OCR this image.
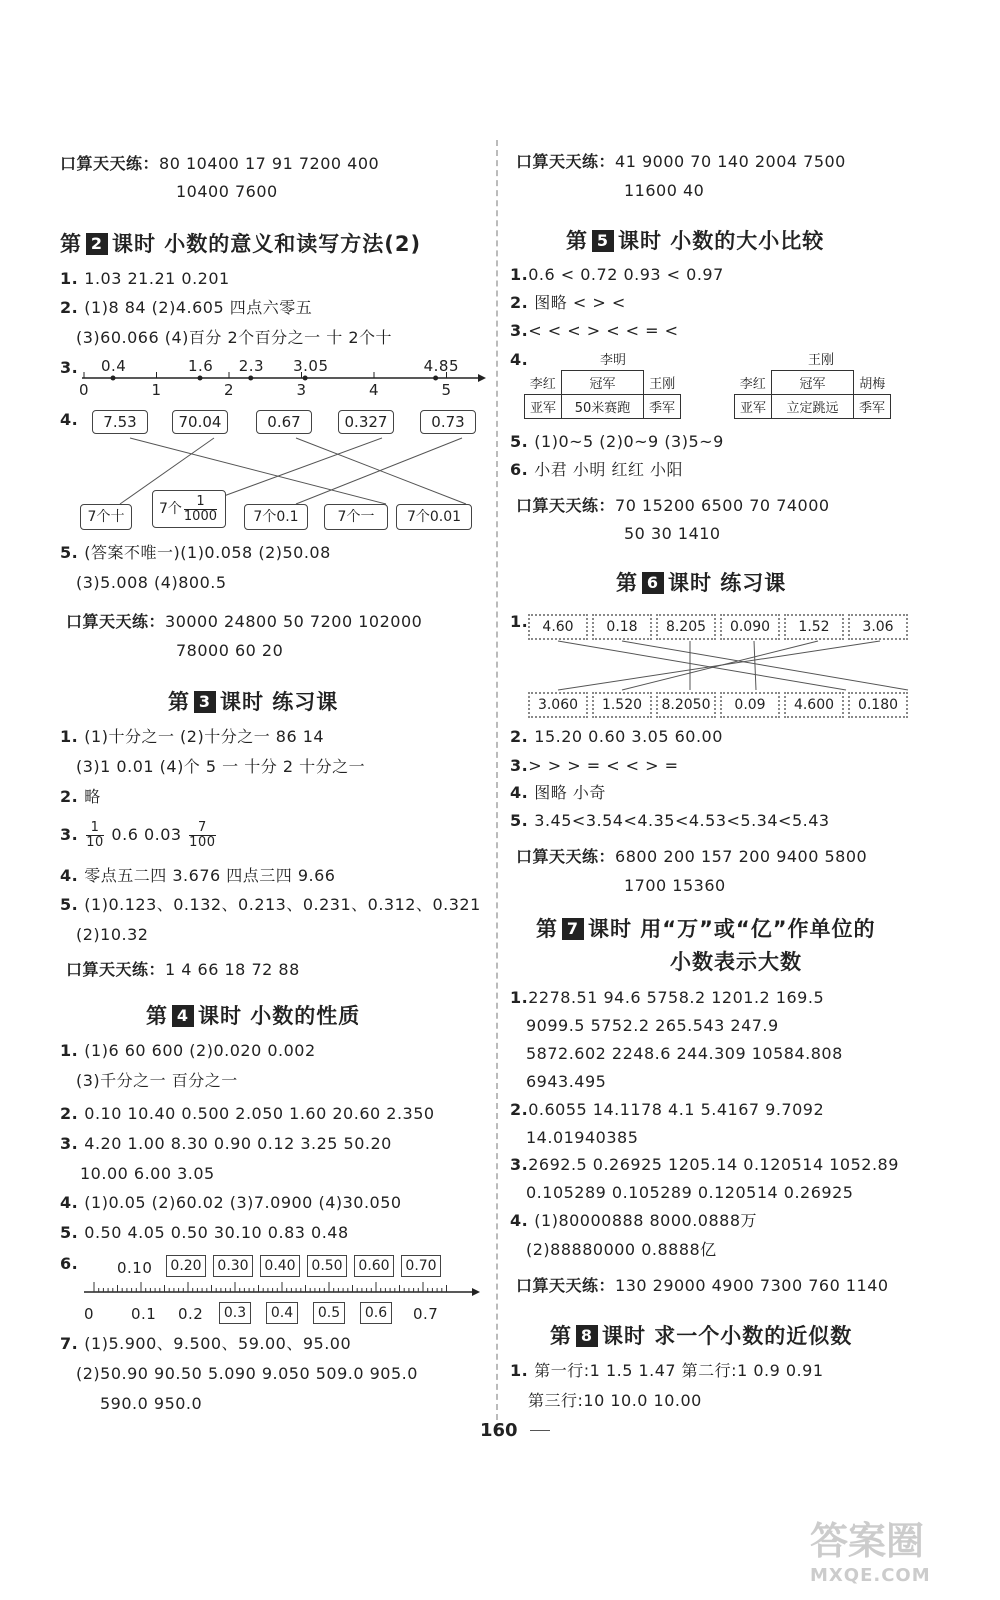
口算天天练：80 10400 17 91 7200 400
10400 7600
第 2 课时 小数的意义和读写方法(2)
1. 1.03 21.21 0.201
2. (1)8 84 (2)4.605 四点六零五
(3)60.066 (4)百分 2个百分之一 十 2个十
3.
0	1	2	3	4	5
0.4	1.6 2.3 3.05	4.85
4.	7.53	70.04	0.67	0.327	0.73
7个十	7个 $\frac{1}{1000}$	7个0.1	7个一	7个0.01
5. (答案不唯一)(1)0.058 (2)50.08
(3)5.008 (4)800.5
口算天天练：30000 24800 50 7200 102000
78000 60 20
第 3 课时 练习课
1. (1)十分之一 (2)十分之一 86 14
(3)1 0.01 (4)个 5 一 十分 2 十分之一
2. 略
3. $\frac{1}{10} 0.6$ $0.03 \frac{7}{100}$
4. 零点五二四 3.676 四点三四 9.66
5. (1)0.123、0.132、0.213、0.231、0.312、0.321
(2)10.32
口算天天练：1 4 66 18 72 88
第 4 课时 小数的性质
1. (1)6 60 600 (2)0.020 0.002
(3)千分之一 百分之一
2. 0.10 10.40 0.500 2.050 1.60 20.60 2.350
3. 4.20 1.00 8.30 0.90 0.12 3.25 50.20
10.00 6.00 3.05
4. (1)0.05 (2)60.02 (3)7.0900 (4)30.050
5. 0.50 4.05 0.50 30.10 0.83 0.48
6.	0.10	0.20	0.30	0.40	0.50	0.60	0.70
0 0.1 0.2	0.3	0.4	0.5	0.6	0.7
7. (1)5.900、9.500、59.00、95.00
(2)50.90 90.50 5.090 9.050 509.0 905.0
590.0 950.0
口算天天练：41 9000 70 140 2004 7500
11600 40
第 5 课时 小数的大小比较
1.0.6 < 0.72 0.93 < 0.97
2. 图略 < > <
3.< < < > < < = <
4.	李明
李红	冠军	王刚
亚军	50米赛跑	季军
王刚
李红	冠军	胡梅
亚军	立定跳远	季军
5. (1)0~5 (2)0~9 (3)5~9
6. 小君 小明 红红 小阳
口算天天练：70 15200 6500 70 74000
50 30 1410
第 6 课时 练习课
1.	4.60	0.18	8.205	0.090	1.52	3.06
3.060	1.520	8.2050	0.09	4.600	0.180
2. 15.20 0.60 3.05 60.00
3.> > > = < < > =
4. 图略 小奇
5. 3.45<3.54<4.35<4.53<5.34<5.43
口算天天练：6800 200 157 200 9400 5800
1700 15360
第 7 课时 用“万”或“亿”作单位的
小数表示大数
1.2278.51 94.6 5758.2 1201.2 169.5
9099.5 5752.2 265.543 247.9
5872.602 2248.6 244.309 10584.808
6943.495
2.0.6055 14.1178 4.1 5.4167 9.7092
14.01940385
3.2692.5 0.26925 1205.14 0.120514 1052.89
0.105289 0.105289 0.120514 0.26925
4. (1)80000888 8000.0888万
(2)88880000 0.8888亿
口算天天练：130 29000 4900 7300 760 1140
第 8 课时 求一个小数的近似数
1. 第一行:1 1.5 1.47 第二行:1 0.9 0.91
第三行:10 10.0 10.00
160
答案圈
MXQE.COM
